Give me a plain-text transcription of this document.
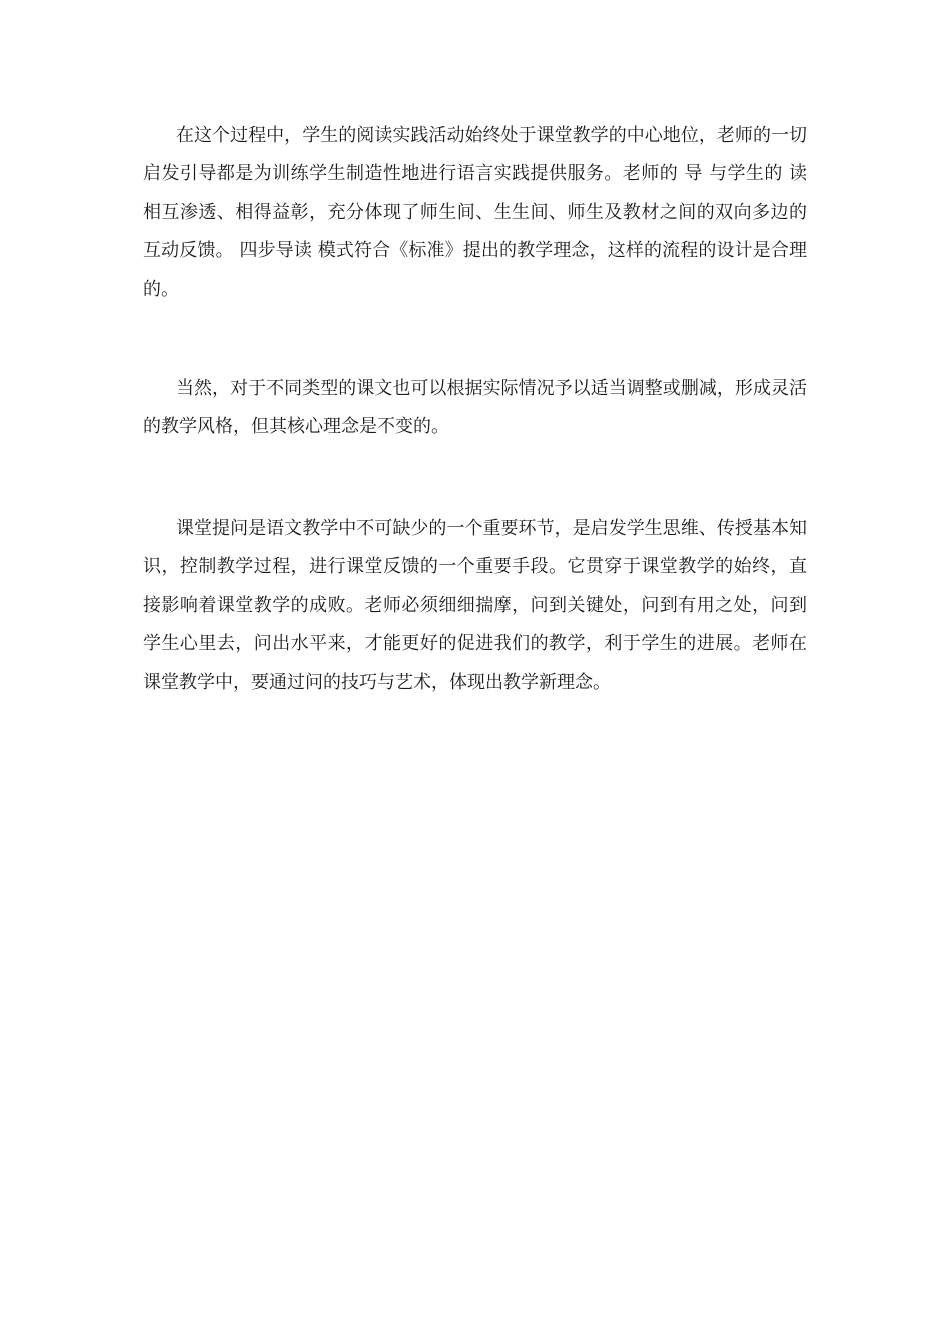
在这个过程中，学生的阅读实践活动始终处于课堂教学的中心地位，老师的一切启发引导都是为训练学生制造性地进行语言实践提供服务。老师的 导 与学生的 读 相互渗透、相得益彰，充分体现了师生间、生生间、师生及教材之间的双向多边的互动反馈。 四步导读 模式符合《标准》提出的教学理念，这样的流程的设计是合理的。

当然，对于不同类型的课文也可以根据实际情况予以适当调整或删减，形成灵活的教学风格，但其核心理念是不变的。

课堂提问是语文教学中不可缺少的一个重要环节，是启发学生思维、传授基本知识，控制教学过程，进行课堂反馈的一个重要手段。它贯穿于课堂教学的始终，直接影响着课堂教学的成败。老师必须细细揣摩，问到关键处，问到有用之处，问到学生心里去，问出水平来，才能更好的促进我们的教学，利于学生的进展。老师在课堂教学中，要通过问的技巧与艺术，体现出教学新理念。
